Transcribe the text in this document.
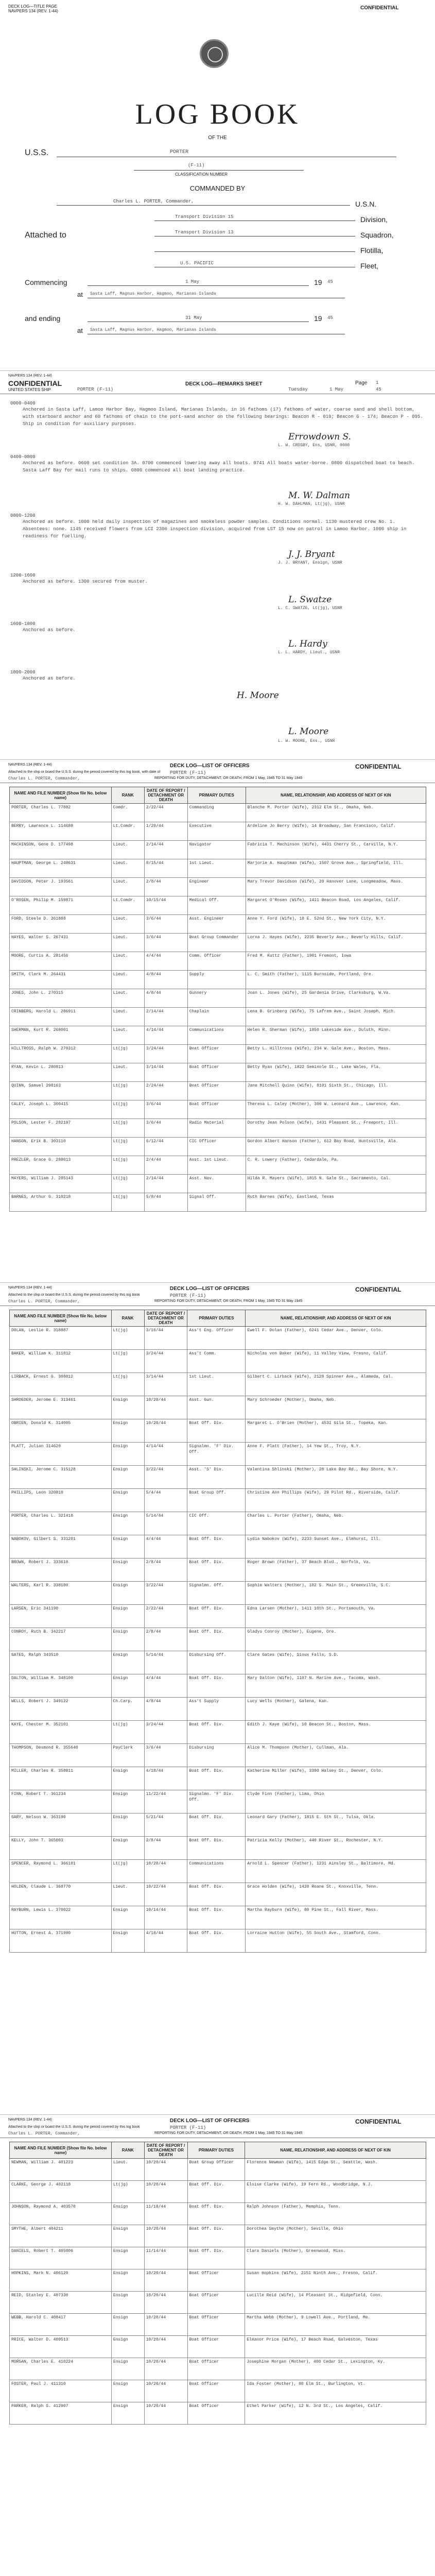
DECK LOG—TITLE PAGE
NAVPERS 134 (REV. 1-44)
CONFIDENTIAL
LOG BOOK
OF THE
U.S.S.	PORTER
(F-11)
CLASSIFICATION NUMBER
COMMANDED BY
Charles L. PORTER, Commander,	U.S.N.
Transport Division 15	Division,
Attached to	Transport Division 13	Squadron,
Flotilla,
U.S. PACIFIC	Fleet,
Commencing	1 May	19 45
at Sasta Laff, Magnus Harbor, Hagmoo, Marianas Islands
and ending	31 May	19 45
at Sasta Laff, Magnus Harbor, Hagmoo, Marianas Islands
NAVPERS 134 (REV. 1-44)
CONFIDENTIAL	DECK LOG—REMARKS SHEET	Page 1
UNITED STATES SHIP	PORTER (F-11)	Tuesday	1 May	45
0000-0400
Anchored in Sasta Laff, Lamoo Harbor Bay, Hagmoo Island, Marianas Islands, in 16 fathoms (17) fathoms of water, coarse sand and shell bottom, with starboard anchor and 60 fathoms of chain to the port-sand anchor on the following bearings: Beacon R - 010; Beacon G - 174; Beacon P - 095. Ship in condition for auxiliary purposes.
Errowdown S.
L. W. CROSBY, Ens, USNR, 0000
0400-0800
Anchored as before. 0600 set condition 3A. 0700 commenced lowering away all boats. 0741 All boats water-borne. 0800 dispatched boat to beach. Sasta Laff Bay for mail runs to ships. 0800 commenced all boat landing practice.
M. W. Dalman
H. W. DAHLMAN, Lt(jg), USNR
0800-1200
Anchored as before. 1000 held daily inspection of magazines and smokeless powder samples. Conditions normal. 1130 mustered crew No. 1. Absentees: none. 1145 received flowers from LCI 2306 inspection division, acquired from LST 15 now on patrol in Lamoo Harbor. 1000 ship in readiness for fuelling.
J. J. Bryant
J. J. BRYANT, Ensign, USNR
1200-1600
Anchored as before. 1300 secured from muster.
L. Swatze
L. C. SWATZE, Lt(jg), USNR
1600-1800
Anchored as before.
L. Hardy
L. L. HARDY, Lieut., USNR
1800-2000
Anchored as before.
H. Moore
L. Moore
L. W. MOORE, Ens., USNR
NAVPERS 134 (REV. 1-44)	CONFIDENTIAL
DECK LOG—LIST OF OFFICERS
PORTER (F-11)
Attached to the ship or board the U.S.S. during the period covered by this log book, with date of
Charles L. PORTER, Commander,	REPORTING FOR DUTY, DETACHMENT, OR DEATH, FROM 1 May, 1945 TO 31 May 1945
NAME AND FILE NUMBER (Show file No. below name)	RANK	DATE OF REPORT / DETACHMENT OR DEATH	PRIMARY DUTIES	NAME, RELATIONSHIP, AND ADDRESS OF NEXT OF KIN
PORTER, Charles L. 77882	Comdr.	2/22/44	Commanding	Blanche M. Porter (Wife), 2312 Elm St., Omaha, Neb.
BERRY, Lawrence L. 114688	Lt.Comdr.	1/20/44	Executive	Ardeline Jo Berry (Wife), 14 Broadway, San Francisco, Calif.
MACHINSON, Gene D. 177498	Lieut.	2/14/44	Navigator	Fabricia T. Machinson (Wife), 4431 Cherry St., Carville, N.Y.
HAUPTMAN, George L. 248631	Lieut.	8/15/44	1st Lieut.	Marjorie A. Hauptman (Wife), 1507 Grove Ave., Springfield, Ill.
DAVIDSON, Peter J. 193561	Lieut.	2/8/44	Engineer	Mary Trevor Davidson (Wife), 20 Hanover Lane, Longmeadow, Mass.
O'ROSEN, Philip M. 159871	Lt.Comdr.	10/15/44	Medical Off.	Margaret O'Rosen (Wife), 1411 Beacon Road, Los Angeles, Calif.
FORD, Steele D. 261888	Lieut.	3/6/44	Asst. Engineer	Anne Y. Ford (Wife), 18 E. 52nd St., New York City, N.Y.
HAYES, Walter S. 267431	Lieut.	3/6/44	Boat Group Commander	Lorna J. Hayes (Wife), 2235 Beverly Ave., Beverly Hills, Calif.
MOORE, Curtis A. 281456	Lieut.	4/4/44	Comm. Officer	Fred M. Kuttz (Father), 1901 Fremont, Iowa
SMITH, Clark M. 264431	Lieut.	4/8/44	Supply	L. C. Smith (Father), 1115 Burnside, Portland, Ore.
JONES, John L. 270315	Lieut.	4/8/44	Gunnery	Joan L. Jones (Wife), 25 Gardenia Drive, Clarksburg, W.Va.
CRINBERG, Harold L. 286911	Lieut.	2/14/44	Chaplain	Lena B. Grinberg (Wife), 75 Lafrem Ave., Saint Joseph, Mich.
SHERMAN, Kurt R. 268001	Lieut.	4/14/44	Communications	Helen R. Sherman (Wife), 1850 Lakeside Ave., Duluth, Minn.
HILLTROSS, Ralph W. 270312	Lt(jg)	3/24/44	Boat Officer	Betty L. Hilltross (Wife), 234 W. Gale Ave., Boston, Mass.
RYAN, Kevin L. 280813	Lieut.	3/14/44	Boat Officer	Betty Ryan (Wife), 1822 Seminole St., Lake Wales, Fla.
QUINN, Samuel 298163	Lt(jg)	2/24/44	Boat Officer	Jane Mitchell Quinn (Wife), 8101 Sixth St., Chicago, Ill.
CALEY, Joseph L. 300415	Lt(jg)	3/6/44	Boat Officer	Theresa L. Caley (Mother), 300 W. Leonard Ave., Lawrence, Kan.
POLSON, Lester F. 282197	Lt(jg)	3/6/44	Radio Material	Dorothy Jean Polson (Wife), 1431 Pleasant St., Freeport, Ill.
HANSON, Erik B. 303110	Lt(jg)	6/12/44	CIC Officer	Gordon Albert Hanson (Father), 612 Bay Road, Huntsville, Ala.
PREZLER, Grace G. 288013	Lt(jg)	2/4/44	Asst. 1st Lieut.	C. R. Lowery (Father), Cedardale, Pa.
MAYERS, William J. 285143	Lt(jg)	2/14/44	Asst. Nav.	Hilda R. Mayers (Wife), 1815 N. Gale St., Sacramento, Cal.
BARNES, Arthur G. 310218	Lt(jg)	5/8/44	Signal Off.	Ruth Barnes (Wife), Eastland, Texas
NAVPERS 134 (REV. 1-44)	CONFIDENTIAL
DECK LOG—LIST OF OFFICERS
PORTER (F-11)
Attached to the ship or board the U.S.S. during the period covered by this log book
Charles L. PORTER, Commander,	REPORTING FOR DUTY, DETACHMENT, OR DEATH, FROM 1 May, 1945 TO 31 May 1945
NAME AND FILE NUMBER (Show file No. below name)	RANK	DATE OF REPORT / DETACHMENT OR DEATH	PRIMARY DUTIES	NAME, RELATIONSHIP, AND ADDRESS OF NEXT OF KIN
DOLAN, Leslie R. 318887	Lt(jg)	3/16/44	Ass't Eng. Officer	Ewell F. Dolan (Father), 6241 Cedar Ave., Denver, Colo.
BAKER, William K. 311812	Lt(jg)	3/24/44	Ass't Comm.	Nicholas von Baker (Wife), 11 Valley View, Fresno, Calif.
LIRBACK, Ernest G. 308012	Lt(jg)	3/14/44	1st Lieut.	Gilbert C. Lirback (Wife), 2128 Spinner Ave., Alameda, Cal.
SHROEDER, Jerome E. 313461	Ensign	10/20/44	Asst. Gun.	Mary Schroeder (Mother), Omaha, Neb.
OBRIEN, Donald K. 314005	Ensign	10/20/44	Boat Off. Div.	Margaret L. O'Brien (Mother), 4531 Gila St., Topeka, Kan.
PLATT, Julian 314620	Ensign	4/14/44	Signalmn. 'F' Div. Off.	Anne F. Platt (Father), 14 Yew St., Troy, N.Y.
SHLINSKI, Jerome C. 315128	Ensign	3/22/44	Asst. 'S' Div.	Valentina Shlinski (Mother), 28 Lake Bay Rd., Bay Shore, N.Y.
PHILLIPS, Leon 320810	Ensign	5/4/44	Boat Group Off.	Christine Ann Phillips (Wife), 29 Pilot Rd., Riverside, Calif.
PORTER, Charles L. 321418	Ensign	5/14/44	CIC Off.	Charles L. Porter (Father), Omaha, Neb.
NABOKOV, Gilbert S. 331201	Ensign	4/4/44	Boat Off. Div.	Lydia Nabokov (Wife), 2233 Sunset Ave., Elmhurst, Ill.
BROWN, Robert J. 333610	Ensign	2/8/44	Boat Off. Div.	Roger Brown (Father), 37 Beach Blvd., Norfolk, Va.
WALTERS, Karl R. 338180	Ensign	3/22/44	Signalmn. Off.	Sophie Walters (Mother), 102 S. Main St., Greenville, S.C.
LARSEN, Eric 341190	Ensign	2/22/44	Boat Off. Div.	Edna Larsen (Mother), 1411 10th St., Portsmouth, Va.
CONROY, Ruth B. 342217	Ensign	2/8/44	Boat Off. Div.	Gladys Conroy (Mother), Eugene, Ore.
GATES, Ralph 343510	Ensign	5/14/44	Disbursing Off.	Clare Gates (Wife), Sioux Falls, S.D.
DALTON, William M. 348100	Ensign	4/4/44	Boat Off. Div.	Mary Dalton (Wife), 1107 N. Marine Ave., Tacoma, Wash.
WELLS, Robert J. 349122	Ch.Carp.	4/8/44	Ass't Supply	Lucy Wells (Mother), Galena, Kan.
KAYE, Chester M. 352101	Lt(jg)	3/24/44	Boat Off. Div.	Edith J. Kaye (Wife), 10 Beacon St., Boston, Mass.
THOMPSON, Desmond R. 355640	PayClerk	3/6/44	Disbursing	Alice M. Thompson (Mother), Cullman, Ala.
MILLER, Charles R. 358811	Ensign	4/18/44	Boat Off. Div.	Katherine Miller (Wife), 3300 Halsey St., Denver, Colo.
FINN, Robert T. 361234	Ensign	11/22/44	Signalmn. 'F' Div. Off.	Clyde Finn (Father), Lima, Ohio
GARY, Nelson W. 363190	Ensign	5/21/44	Boat Off. Div.	Leonard Gary (Father), 1815 E. 5th St., Tulsa, Okla.
KELLY, John T. 365003	Ensign	2/8/44	Boat Off. Div.	Patricia Kelly (Mother), 440 River St., Rochester, N.Y.
SPENCER, Raymond L. 366101	Lt(jg)	10/20/44	Communications	Arnold L. Spencer (Father), 1231 Ainsley St., Baltimore, Md.
HOLDEN, Claude L. 368770	Lieut.	10/22/44	Boat Off. Div.	Grace Holden (Wife), 1420 Roane St., Knoxville, Tenn.
RAYBURN, Lewis L. 370022	Ensign	10/14/44	Boat Off. Div.	Martha Rayburn (Wife), 80 Pine St., Fall River, Mass.
HUTTON, Ernest A. 371990	Ensign	4/18/44	Boat Off. Div.	Lorraine Hutton (Wife), 55 South Ave., Stamford, Conn.
NAVPERS 134 (REV. 1-44)	CONFIDENTIAL
DECK LOG—LIST OF OFFICERS
PORTER (F-11)
Attached to the ship or board the U.S.S. during the period covered by this log book
Charles L. PORTER, Commander,	REPORTING FOR DUTY, DETACHMENT, OR DEATH, FROM 1 May, 1945 TO 31 May 1945
NAME AND FILE NUMBER (Show file No. below name)	RANK	DATE OF REPORT / DETACHMENT OR DEATH	PRIMARY DUTIES	NAME, RELATIONSHIP, AND ADDRESS OF NEXT OF KIN
NEWMAN, William J. 401223	Lieut.	10/20/44	Boat Group Officer	Florence Newman (Wife), 1415 Edge St., Seattle, Wash.
CLARKE, George J. 402118	Lt(jg)	10/20/44	Boat Off. Div.	Eloise Clarke (Wife), 19 Fern Rd., Woodbridge, N.J.
JOHNSON, Raymond A. 403570	Ensign	11/18/44	Boat Off. Div.	Ralph Johnson (Father), Memphis, Tenn.
SMYTHE, Albert 404211	Ensign	10/20/44	Boat Off. Div.	Dorothea Smythe (Mother), Seville, Ohio
DANIELS, Robert T. 405006	Ensign	11/14/44	Boat Off. Div.	Clara Daniels (Mother), Greenwood, Miss.
HOPKINS, Mark N. 406120	Ensign	10/20/44	Boat Officer	Susan Hopkins (Wife), 2151 Ninth Ave., Fresno, Calif.
REID, Stanley E. 407330	Ensign	10/20/44	Boat Officer	Lucille Reid (Wife), 14 Pleasant St., Ridgefield, Conn.
WEBB, Harold C. 408417	Ensign	10/20/44	Boat Officer	Martha Webb (Mother), 9 Lowell Ave., Portland, Me.
PRICE, Walter D. 409513	Ensign	10/20/44	Boat Officer	Eleanor Price (Wife), 17 Beach Road, Galveston, Texas
MORGAN, Charles E. 410224	Ensign	10/20/44	Boat Officer	Josephine Morgan (Mother), 400 Cedar St., Lexington, Ky.
FOSTER, Paul J. 411310	Ensign	10/20/44	Boat Officer	Ida Foster (Mother), 80 Elm St., Burlington, Vt.
PARKER, Ralph S. 412907	Ensign	10/20/44	Boat Officer	Ethel Parker (Wife), 12 N. 3rd St., Los Angeles, Calif.
